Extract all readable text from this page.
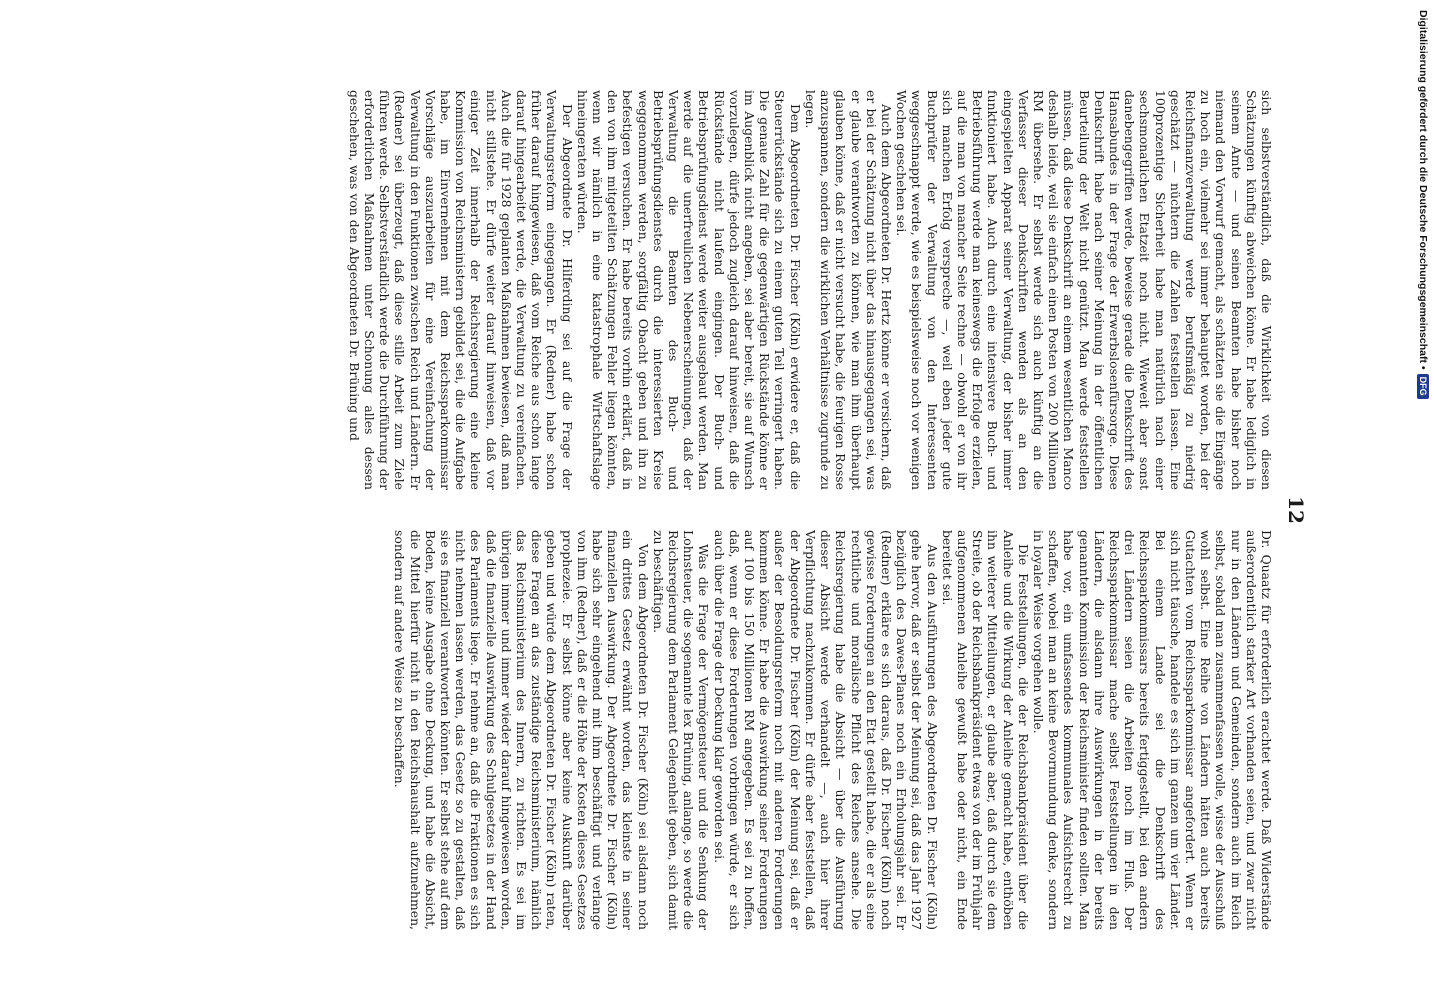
12

sich selbstverständlich, daß die Wirklichkeit von diesen Schätzungen künftig abweichen könne. Er habe lediglich in seinem Amte — und seinen Beamten habe bisher noch niemand den Vorwurf gemacht, als schätzten sie die Eingänge zu hoch ein, vielmehr sei immer behauptet worden, bei der Reichsfinanzverwaltung werde berufsmäßig zu niedrig geschätzt — nüchtern die Zahlen feststellen lassen. Eine 100prozentige Sicherheit habe man natürlich nach einer sechsmonatlichen Etatzeit noch nicht. Wieweit aber sonst danebengegriffen werde, beweise gerade die Denkschrift des Hansabundes in der Frage der Erwerbslosenfürsorge. Diese Denkschrift habe nach seiner Meinung in der öffentlichen Beurteilung der Welt nicht genützt. Man werde feststellen müssen, daß diese Denkschrift an einem wesentlichen Manco deshalb leide, weil sie einfach einen Posten von 200 Millionen RM übersehe. Er selbst werde sich auch künftig an die Verfasser dieser Denkschriften wenden als an den eingespielten Apparat seiner Verwaltung, der bisher immer funktioniert habe. Auch durch eine intensivere Buch- und Betriebsführung werde man keineswegs die Erfolge erzielen, auf die man von mancher Seite rechne — obwohl er von ihr sich manchen Erfolg verspreche —, weil eben jeder gute Buchprüfer der Verwaltung von den Interessenten weggeschnappt werde, wie es beispielsweise noch vor wenigen Wochen geschehen sei.

Auch dem Abgeordneten Dr. Hertz könne er versichern, daß er bei der Schätzung nicht über das hinausgegangen sei, was er glaube verantworten zu können, wie man ihm überhaupt glauben könne, daß er nicht versucht habe, die feurigen Rosse anzuspannen, sondern die wirklichen Verhältnisse zugrunde zu legen.

Dem Abgeordneten Dr. Fischer (Köln) erwidere er, daß die Steuerrückstände sich zu einem guten Teil verringert haben. Die genaue Zahl für die gegenwärtigen Rückstände könne er im Augenblick nicht angeben, sei aber bereit, sie auf Wunsch vorzulegen, dürfe jedoch zugleich darauf hinweisen, daß die Rückstände nicht laufend eingingen. Der Buch- und Betriebsprüfungsdienst werde weiter ausgebaut werden. Man werde auf die unerfreulichen Nebenerscheinungen, daß der Verwaltung die Beamten des Buch- und Betriebsprüfungsdienstes durch die interessierten Kreise weggenommen werden, sorgfältig Obacht geben und ihn zu befestigen versuchen. Er habe bereits vorhin erklärt, daß in den von ihm mitgeteilten Schätzungen Fehler liegen könnten, wenn wir nämlich in eine katastrophale Wirtschaftslage hineingeraten würden.

Der Abgeordnete Dr. Hilferding sei auf die Frage der Verwaltungsreform eingegangen. Er (Redner) habe schon früher darauf hingewiesen, daß vom Reiche aus schon lange darauf hingearbeitet werde, die Verwaltung zu vereinfachen. Auch die für 1928 geplanten Maßnahmen bewiesen, daß man nicht stillstehe. Er dürfe weiter darauf hinweisen, daß vor einiger Zeit innerhalb der Reichsregierung eine kleine Kommission von Reichsministern gebildet sei, die die Aufgabe habe, im Einvernehmen mit dem Reichssparkommissar Vorschläge auszuarbeiten für eine Vereinfachung der Verwaltung in den Funktionen zwischen Reich und Ländern. Er (Redner) sei überzeugt, daß diese stille Arbeit zum Ziele führen werde. Selbstverständlich werde die Durchführung der erforderlichen Maßnahmen unter Schonung alles dessen geschehen, was von den Abgeordneten Dr. Brüning und

Dr. Quaatz für erforderlich erachtet werde. Daß Widerstände außerordentlich starker Art vorhanden seien, und zwar nicht nur in den Ländern und Gemeinden, sondern auch im Reich selbst, sobald man zusammenfassen wolle, wisse der Ausschuß wohl selbst. Eine Reihe von Ländern hätten auch bereits Gutachten vom Reichssparkommissar angefordert. Wenn er sich nicht täusche, handele es sich im ganzen um vier Länder. Bei einem Lande sei die Denkschrift des Reichssparkommissars bereits fertiggestellt, bei den andern drei Ländern seien die Arbeiten noch im Fluß. Der Reichssparkommissar mache selbst Feststellungen in den Ländern, die alsdann ihre Auswirkungen in der bereits genannten Kommission der Reichsminister finden sollten. Man habe vor, ein umfassendes kommunales Aufsichtsrecht zu schaffen, wobei man an keine Bevormundung denke, sondern in loyaler Weise vorgehen wolle.

Die Feststellungen, die der Reichsbankpräsident über die Anleihe und die Wirkung der Anleihe gemacht habe, enthöben ihn weiterer Mitteilungen, er glaube aber, daß durch sie dem Streite, ob der Reichsbankpräsident etwas von der im Frühjahr aufgenommenen Anleihe gewußt habe oder nicht, ein Ende bereitet sei.

Aus den Ausführungen des Abgeordneten Dr. Fischer (Köln) gehe hervor, daß er selbst der Meinung sei, daß das Jahr 1927 bezüglich des Dawes-Planes noch ein Erholungsjahr sei. Er (Redner) erkläre es sich daraus, daß Dr. Fischer (Köln) noch gewisse Forderungen an den Etat gestellt habe, die er als eine rechtliche und moralische Pflicht des Reiches ansehe. Die Reichsregierung habe die Absicht — über die Ausführung dieser Absicht werde verhandelt —, auch hier ihrer Verpflichtung nachzukommen. Er dürfe aber feststellen, daß der Abgeordnete Dr. Fischer (Köln) der Meinung sei, daß er außer der Besoldungsreform noch mit anderen Forderungen kommen könne. Er habe die Auswirkung seiner Forderungen auf 100 bis 150 Millionen RM angegeben. Es sei zu hoffen, daß, wenn er diese Forderungen vorbringen würde, er sich auch über die Frage der Deckung klar geworden sei.

Was die Frage der Vermögensteuer und die Senkung der Lohnsteuer, die sogenannte lex Brüning, anlange, so werde die Reichsregierung dem Parlament Gelegenheit geben, sich damit zu beschäftigen.

Von dem Abgeordneten Dr. Fischer (Köln) sei alsdann noch ein drittes Gesetz erwähnt worden, das kleinste in seiner finanziellen Auswirkung. Der Abgeordnete Dr. Fischer (Köln) habe sich sehr eingehend mit ihm beschäftigt und verlange von ihm (Redner), daß er die Höhe der Kosten dieses Gesetzes prophezeie. Er selbst könne aber keine Auskunft darüber geben und würde dem Abgeordneten Dr. Fischer (Köln) raten, diese Fragen an das zuständige Reichsministerium, nämlich das Reichsministerium des Innern, zu richten. Es sei im übrigen immer und immer wieder darauf hingewiesen worden, daß die finanzielle Auswirkung des Schulgesetzes in der Hand des Parlaments liege. Er nehme an, daß die Fraktionen es sich nicht nehmen lassen werden, das Gesetz so zu gestalten, daß sie es finanziell verantworten könnten. Er selbst stehe auf dem Boden, keine Ausgabe ohne Deckung, und habe die Absicht, die Mittel hierfür nicht in den Reichshaushalt aufzunehmen, sondern auf andere Weise zu beschaffen.

Digitalisierung gefördert durch die Deutsche Forschungsgemeinschaft •
DFG
